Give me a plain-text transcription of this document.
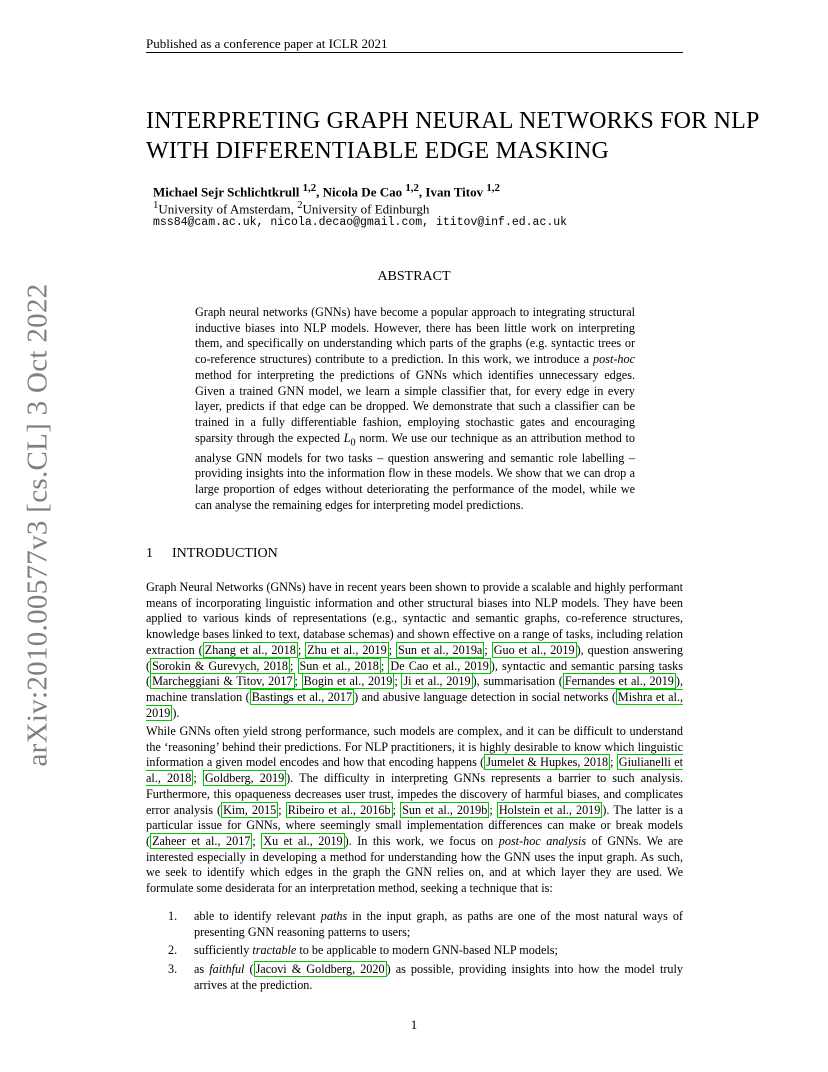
Published as a conference paper at ICLR 2021
arXiv:2010.00577v3 [cs.CL] 3 Oct 2022
INTERPRETING GRAPH NEURAL NETWORKS FOR NLP
WITH DIFFERENTIABLE EDGE MASKING
Michael Sejr Schlichtkrull $^{1,2}$, Nicola De Cao $^{1,2}$, Ivan Titov $^{1,2}$
$^1$University of Amsterdam, $^2$University of Edinburgh
mss84@cam.ac.uk, nicola.decao@gmail.com, ititov@inf.ed.ac.uk
ABSTRACT
Graph neural networks (GNNs) have become a popular approach to integrating structural inductive biases into NLP models. However, there has been little work on interpreting them, and specifically on understanding which parts of the graphs (e.g. syntactic trees or co-reference structures) contribute to a prediction. In this work, we introduce a post-hoc method for interpreting the predictions of GNNs which identifies unnecessary edges. Given a trained GNN model, we learn a simple classifier that, for every edge in every layer, predicts if that edge can be dropped. We demonstrate that such a classifier can be trained in a fully differentiable fashion, employing stochastic gates and encouraging sparsity through the expected $L_0$ norm. We use our technique as an attribution method to analyse GNN models for two tasks – question answering and semantic role labelling – providing insights into the information flow in these models. We show that we can drop a large proportion of edges without deteriorating the performance of the model, while we can analyse the remaining edges for interpreting model predictions.
1 INTRODUCTION
Graph Neural Networks (GNNs) have in recent years been shown to provide a scalable and highly performant means of incorporating linguistic information and other structural biases into NLP models. They have been applied to various kinds of representations (e.g., syntactic and semantic graphs, co-reference structures, knowledge bases linked to text, database schemas) and shown effective on a range of tasks, including relation extraction ( Zhang et al., 2018 ; Zhu et al., 2019 ; Sun et al., 2019a ; Guo et al., 2019 ), question answering ( Sorokin & Gurevych, 2018 ; Sun et al., 2018 ; De Cao et al., 2019 ), syntactic and semantic parsing tasks ( Marcheggiani & Titov, 2017 ; Bogin et al., 2019 ; Ji et al., 2019 ), summarisation ( Fernandes et al., 2019 ), machine translation ( Bastings et al., 2017 ) and abusive language detection in social networks ( Mishra et al., 2019 ).
While GNNs often yield strong performance, such models are complex, and it can be difficult to understand the ‘reasoning’ behind their predictions. For NLP practitioners, it is highly desirable to know which linguistic information a given model encodes and how that encoding happens ( Jumelet & Hupkes, 2018 ; Giulianelli et al., 2018 ; Goldberg, 2019 ). The difficulty in interpreting GNNs represents a barrier to such analysis. Furthermore, this opaqueness decreases user trust, impedes the discovery of harmful biases, and complicates error analysis ( Kim, 2015 ; Ribeiro et al., 2016b ; Sun et al., 2019b ; Holstein et al., 2019 ). The latter is a particular issue for GNNs, where seemingly small implementation differences can make or break models ( Zaheer et al., 2017 ; Xu et al., 2019 ). In this work, we focus on post-hoc analysis of GNNs. We are interested especially in developing a method for understanding how the GNN uses the input graph. As such, we seek to identify which edges in the graph the GNN relies on, and at which layer they are used. We formulate some desiderata for an interpretation method, seeking a technique that is:
1.	able to identify relevant paths in the input graph, as paths are one of the most natural ways of presenting GNN reasoning patterns to users;
2.	sufficiently tractable to be applicable to modern GNN-based NLP models;
3.	as faithful ( Jacovi & Goldberg, 2020 ) as possible, providing insights into how the model truly arrives at the prediction.
1
